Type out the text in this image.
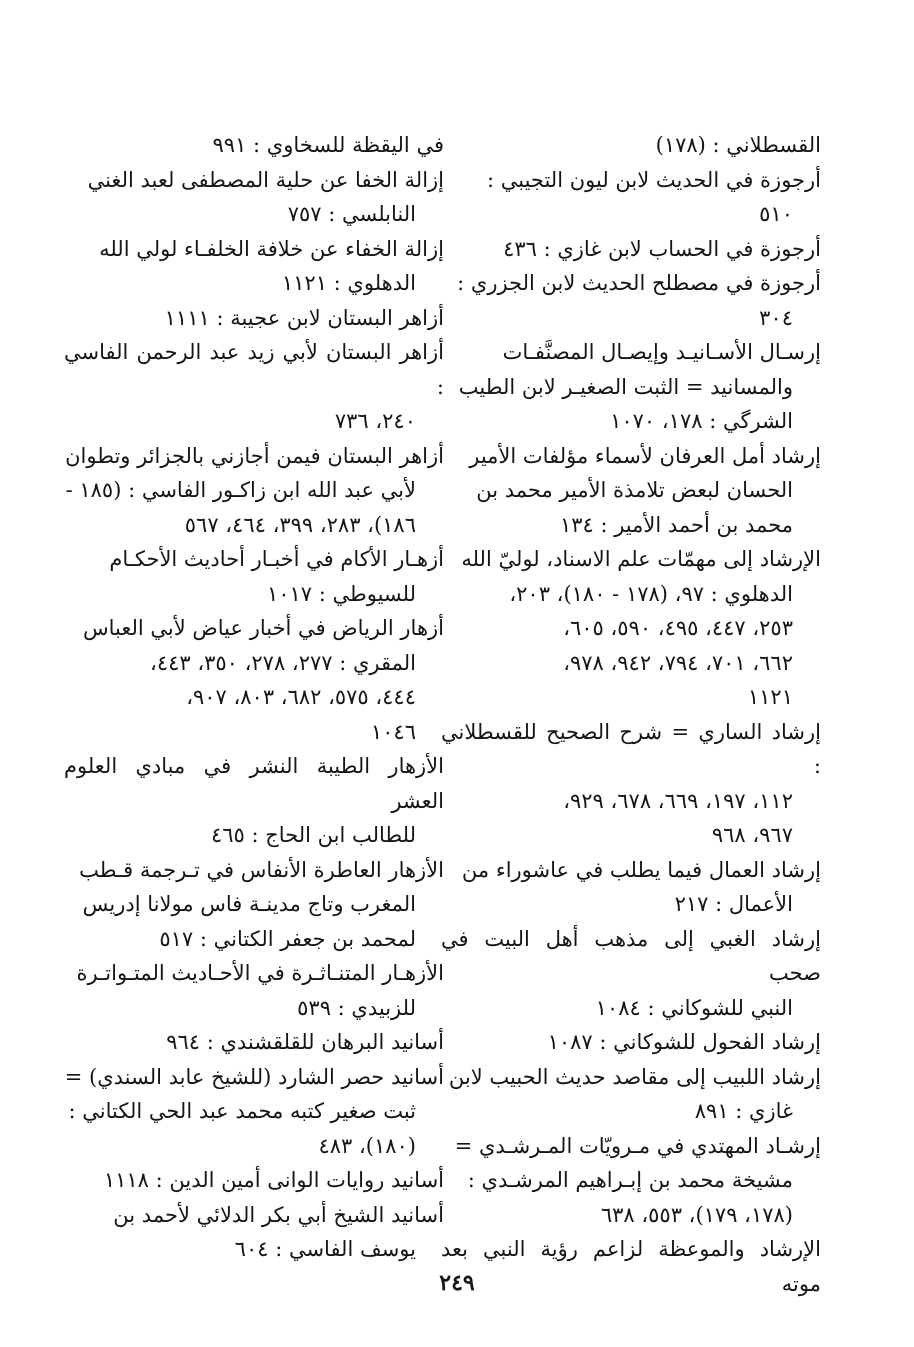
القسطلاني : (١٧٨)
أرجوزة في الحديث لابن ليون التجيبي :
٥١٠
أرجوزة في الحساب لابن غازي : ٤٣٦
أرجوزة في مصطلح الحديث لابن الجزري :
٣٠٤
إرسـال الأسـانيـد وإيصـال المصنَّفـات
والمسانيد = الثبت الصغيـر لابن الطيب
الشرگي : ١٧٨، ١٠٧٠
إرشاد أمل العرفان لأسماء مؤلفات الأمير
الحسان لبعض تلامذة الأمير محمد بن
محمد بن أحمد الأمير : ١٣٤
الإرشاد إلى مهمّات علم الاسناد، لوليّ الله
الدهلوي : ٩٧، (١٧٨ - ١٨٠)، ٢٠٣،
٢٥٣، ٤٤٧، ٤٩٥، ٥٩٠، ٦٠٥،
٦٦٢، ٧٠١، ٧٩٤، ٩٤٢، ٩٧٨،
١١٢١
إرشاد الساري = شرح الصحيح للقسطلاني :
١١٢، ١٩٧، ٦٦٩، ٦٧٨، ٩٢٩،
٩٦٧، ٩٦٨
إرشاد العمال فيما يطلب في عاشوراء من
الأعمال : ٢١٧
إرشاد الغبي إلى مذهب أهل البيت في صحب
النبي للشوكاني : ١٠٨٤
إرشاد الفحول للشوكاني : ١٠٨٧
إرشاد اللبيب إلى مقاصد حديث الحبيب لابن
غازي : ٨٩١
إرشـاد المهتدي في مـرويّات المـرشـدي =
مشيخة محمد بن إبـراهيم المرشـدي :
(١٧٨، ١٧٩)، ٥٥٣، ٦٣٨
الإرشاد والموعظة لزاعم رؤية النبي بعد موته
في اليقظة للسخاوي : ٩٩١
إزالة الخفا عن حلية المصطفى لعبد الغني
النابلسي : ٧٥٧
إزالة الخفاء عن خلافة الخلفـاء لولي الله
الدهلوي : ١١٢١
أزاهر البستان لابن عجيبة : ١١١١
أزاهر البستان لأبي زيد عبد الرحمن الفاسي :
٢٤٠، ٧٣٦
أزاهر البستان فيمن أجازني بالجزائر وتطوان
لأبي عبد الله ابن زاكـور الفاسي : (١٨٥ -
١٨٦)، ٢٨٣، ٣٩٩، ٤٦٤، ٥٦٧
أزهـار الأكام في أخبـار أحاديث الأحكـام
للسيوطي : ١٠١٧
أزهار الرياض في أخبار عياض لأبي العباس
المقري : ٢٧٧، ٢٧٨، ٣٥٠، ٤٤٣،
٤٤٤، ٥٧٥، ٦٨٢، ٨٠٣، ٩٠٧،
١٠٤٦
الأزهار الطيبة النشر في مبادي العلوم العشر
للطالب ابن الحاج : ٤٦٥
الأزهار العاطرة الأنفاس في تـرجمة قـطب
المغرب وتاج مدينـة فاس مولانا إدريس
لمحمد بن جعفر الكتاني : ٥١٧
الأزهـار المتنـاثـرة في الأحـاديث المتـواتـرة
للزبيدي : ٥٣٩
أسانيد البرهان للقلقشندي : ٩٦٤
أسانيد حصر الشارد (للشيخ عابد السندي) =
ثبت صغير كتبه محمد عبد الحي الكتاني :
(١٨٠)، ٤٨٣
أسانيد روايات الوانى أمين الدين : ١١١٨
أسانيد الشيخ أبي بكر الدلائي لأحمد بن
يوسف الفاسي : ٦٠٤
٢٤٩
